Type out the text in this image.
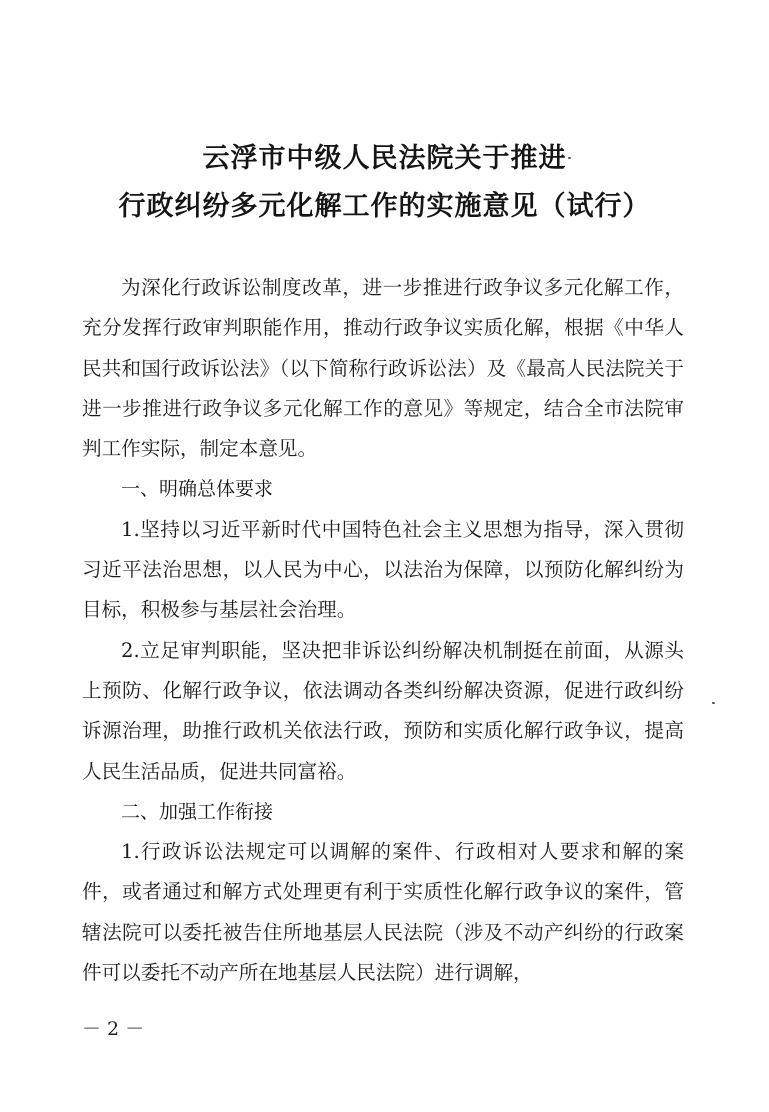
云浮市中级人民法院关于推进
行政纠纷多元化解工作的实施意见（试行）

为深化行政诉讼制度改革，进一步推进行政争议多元化解工作，充分发挥行政审判职能作用，推动行政争议实质化解，根据《中华人民共和国行政诉讼法》（以下简称行政诉讼法）及《最高人民法院关于进一步推进行政争议多元化解工作的意见》等规定，结合全市法院审判工作实际，制定本意见。

一、明确总体要求

1.坚持以习近平新时代中国特色社会主义思想为指导，深入贯彻习近平法治思想，以人民为中心，以法治为保障，以预防化解纠纷为目标，积极参与基层社会治理。

2.立足审判职能，坚决把非诉讼纠纷解决机制挺在前面，从源头上预防、化解行政争议，依法调动各类纠纷解决资源，促进行政纠纷诉源治理，助推行政机关依法行政，预防和实质化解行政争议，提高人民生活品质，促进共同富裕。

二、加强工作衔接

1.行政诉讼法规定可以调解的案件、行政相对人要求和解的案件，或者通过和解方式处理更有利于实质性化解行政争议的案件，管辖法院可以委托被告住所地基层人民法院（涉及不动产纠纷的行政案件可以委托不动产所在地基层人民法院）进行调解，

－ 2 －
